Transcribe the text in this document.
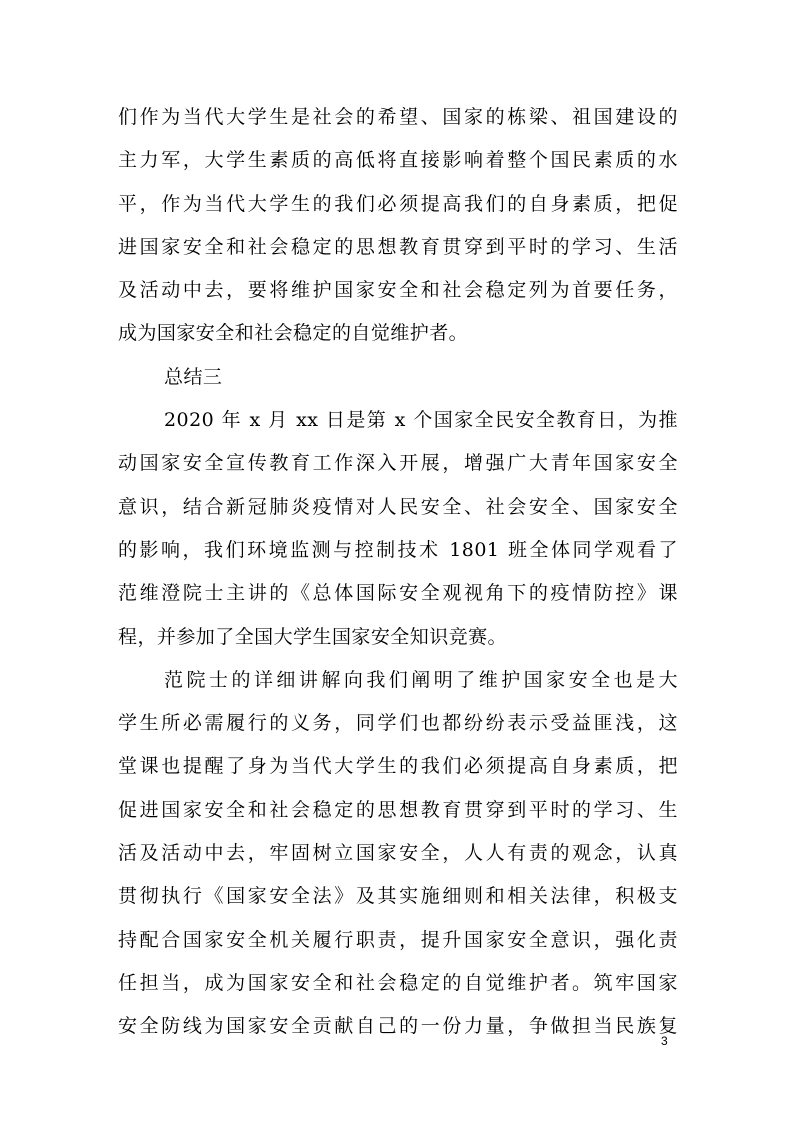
们作为当代大学生是社会的希望、国家的栋梁、祖国建设的
主力军，大学生素质的高低将直接影响着整个国民素质的水
平，作为当代大学生的我们必须提高我们的自身素质，把促
进国家安全和社会稳定的思想教育贯穿到平时的学习、生活
及活动中去，要将维护国家安全和社会稳定列为首要任务，
成为国家安全和社会稳定的自觉维护者。
总结三
2020 年 x 月 xx 日是第 x 个国家全民安全教育日，为推
动国家安全宣传教育工作深入开展，增强广大青年国家安全
意识，结合新冠肺炎疫情对人民安全、社会安全、国家安全
的影响，我们环境监测与控制技术 1801 班全体同学观看了
范维澄院士主讲的《总体国际安全观视角下的疫情防控》课
程，并参加了全国大学生国家安全知识竞赛。
范院士的详细讲解向我们阐明了维护国家安全也是大
学生所必需履行的义务，同学们也都纷纷表示受益匪浅，这
堂课也提醒了身为当代大学生的我们必须提高自身素质，把
促进国家安全和社会稳定的思想教育贯穿到平时的学习、生
活及活动中去，牢固树立国家安全，人人有责的观念，认真
贯彻执行《国家安全法》及其实施细则和相关法律，积极支
持配合国家安全机关履行职责，提升国家安全意识，强化责
任担当，成为国家安全和社会稳定的自觉维护者。筑牢国家
安全防线为国家安全贡献自己的一份力量，争做担当民族复
3
